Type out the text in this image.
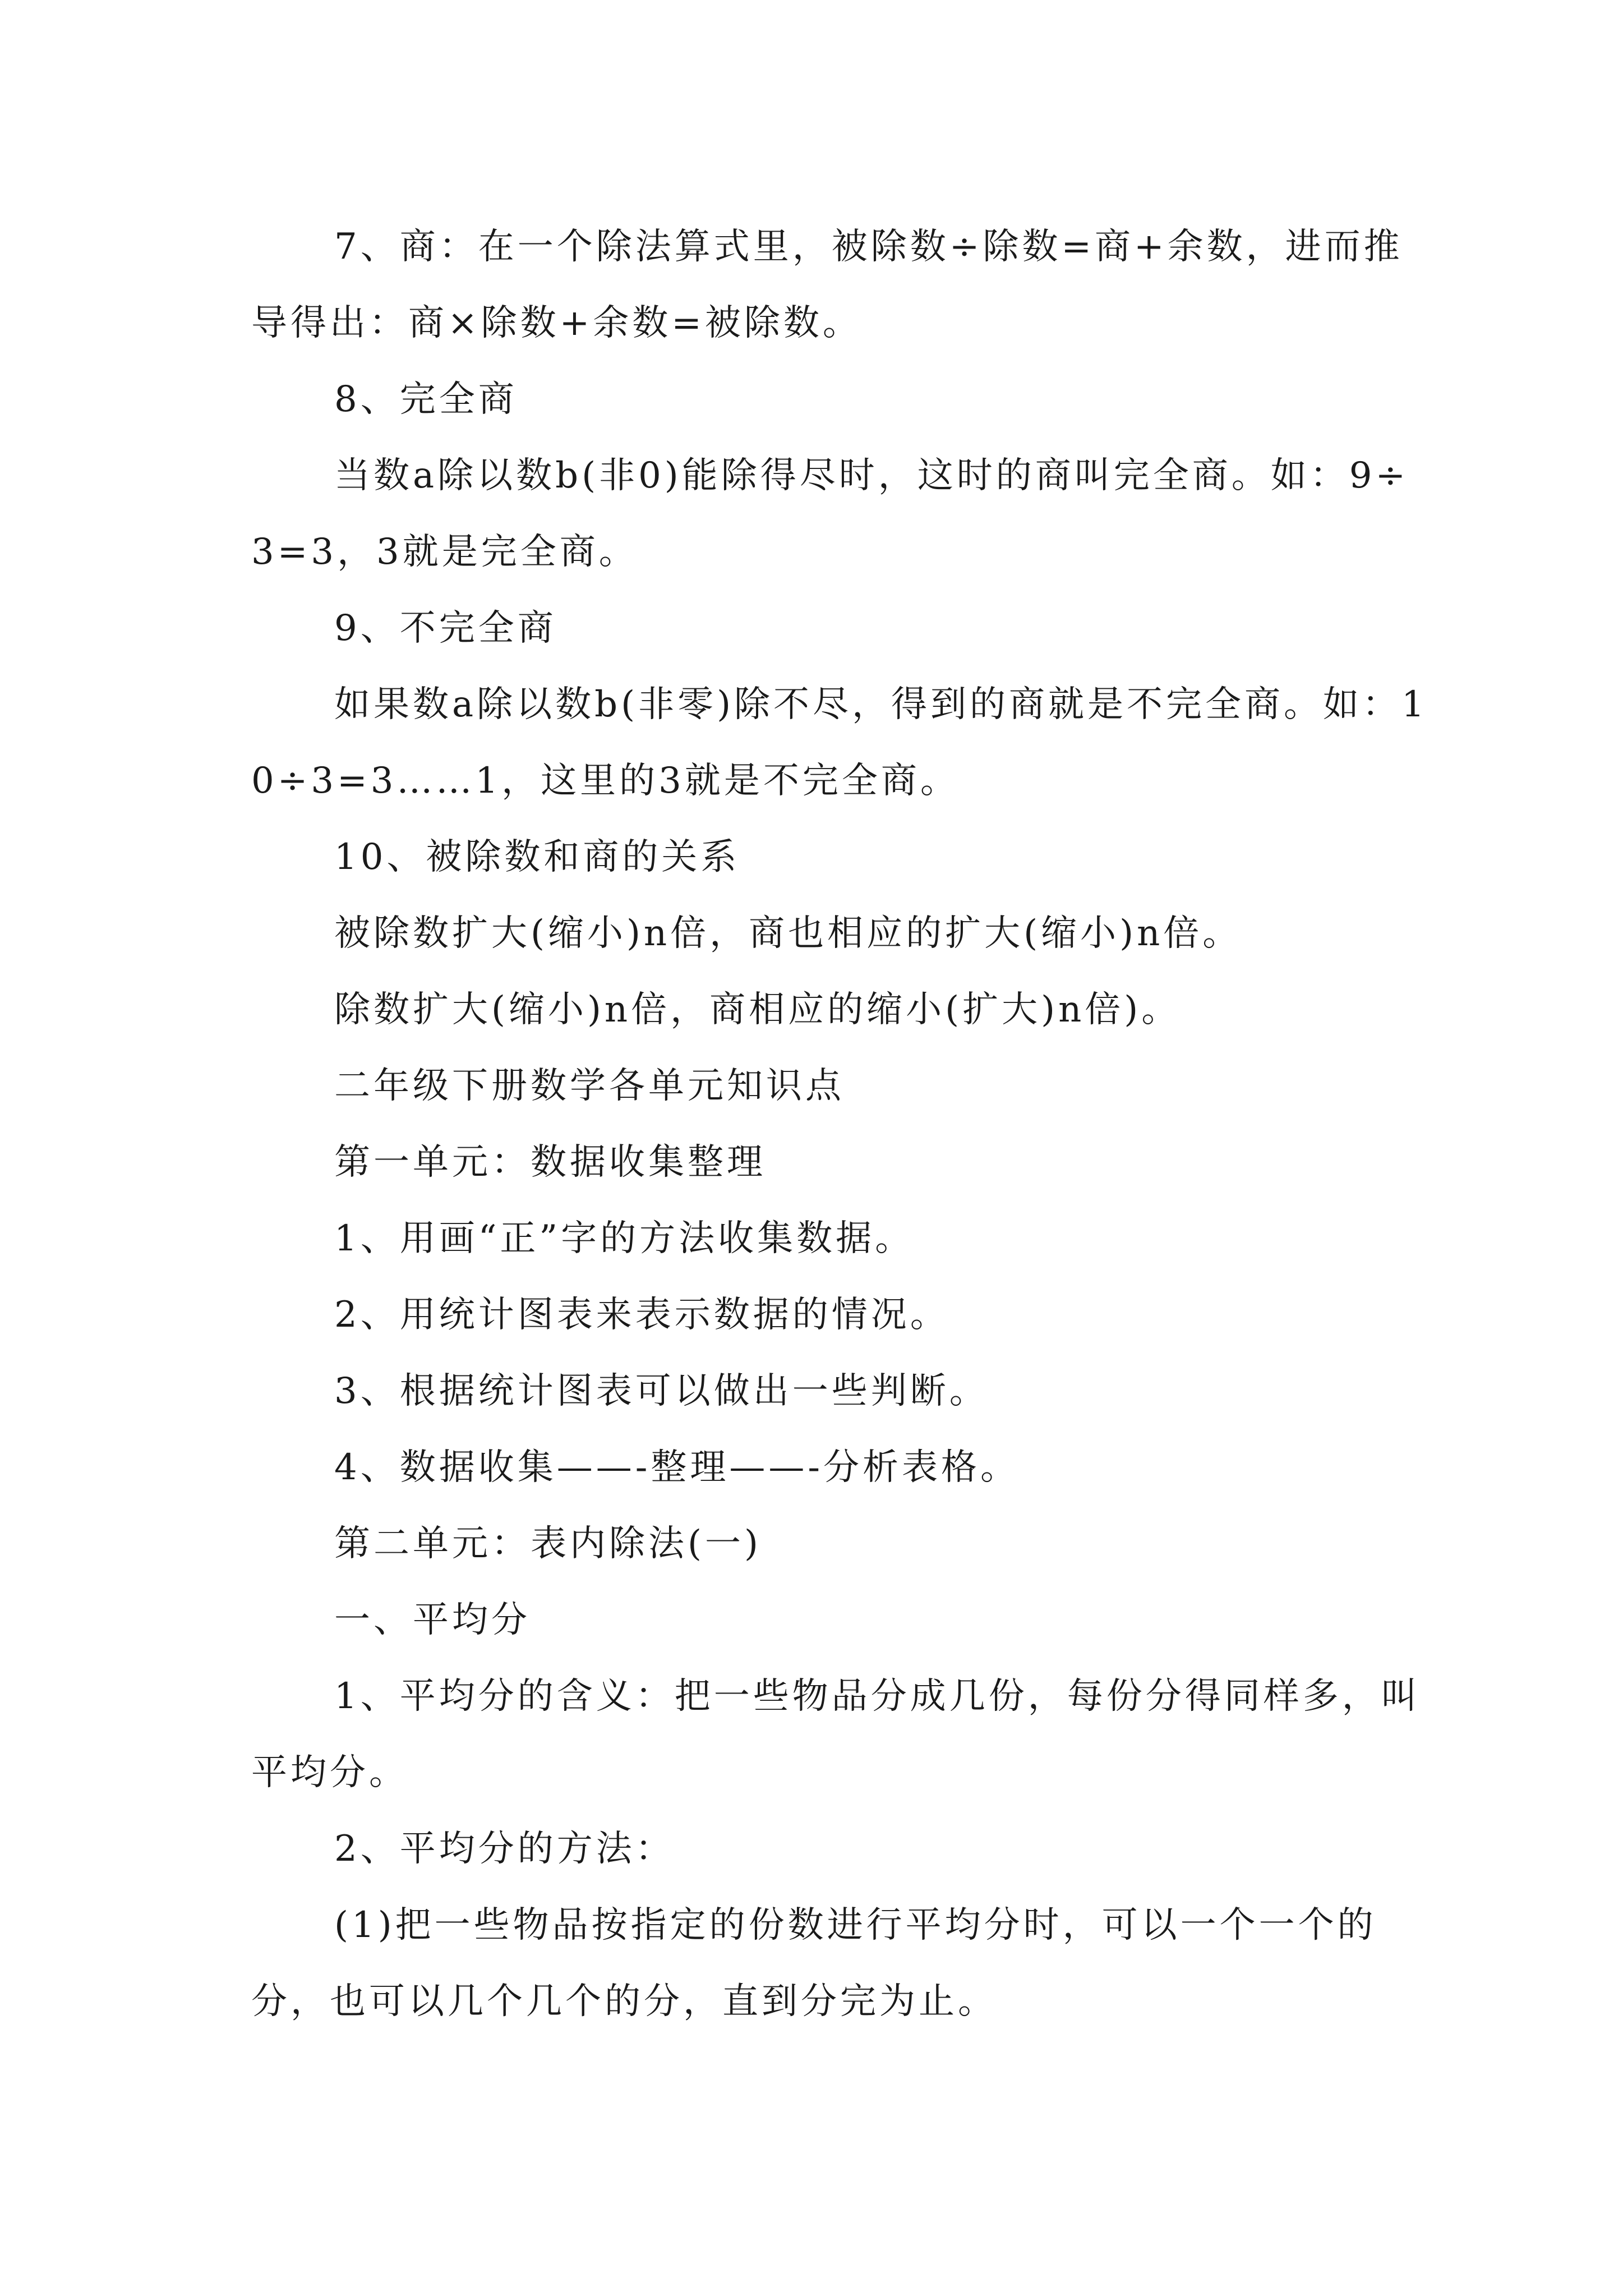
7、商：在一个除法算式里，被除数÷除数=商+余数，进而推导得出：商×除数+余数=被除数。

8、完全商

当数a除以数b(非0)能除得尽时，这时的商叫完全商。如：9÷3=3，3就是完全商。

9、不完全商

如果数a除以数b(非零)除不尽，得到的商就是不完全商。如：10÷3=3……1，这里的3就是不完全商。

10、被除数和商的关系

被除数扩大(缩小)n倍，商也相应的扩大(缩小)n倍。

除数扩大(缩小)n倍，商相应的缩小(扩大)n倍)。

二年级下册数学各单元知识点

第一单元：数据收集整理

1、用画“正”字的方法收集数据。

2、用统计图表来表示数据的情况。

3、根据统计图表可以做出一些判断。

4、数据收集——-整理——-分析表格。

第二单元：表内除法(一)

一、平均分

1、平均分的含义：把一些物品分成几份，每份分得同样多，叫平均分。

2、平均分的方法：

(1)把一些物品按指定的份数进行平均分时，可以一个一个的分，也可以几个几个的分，直到分完为止。
